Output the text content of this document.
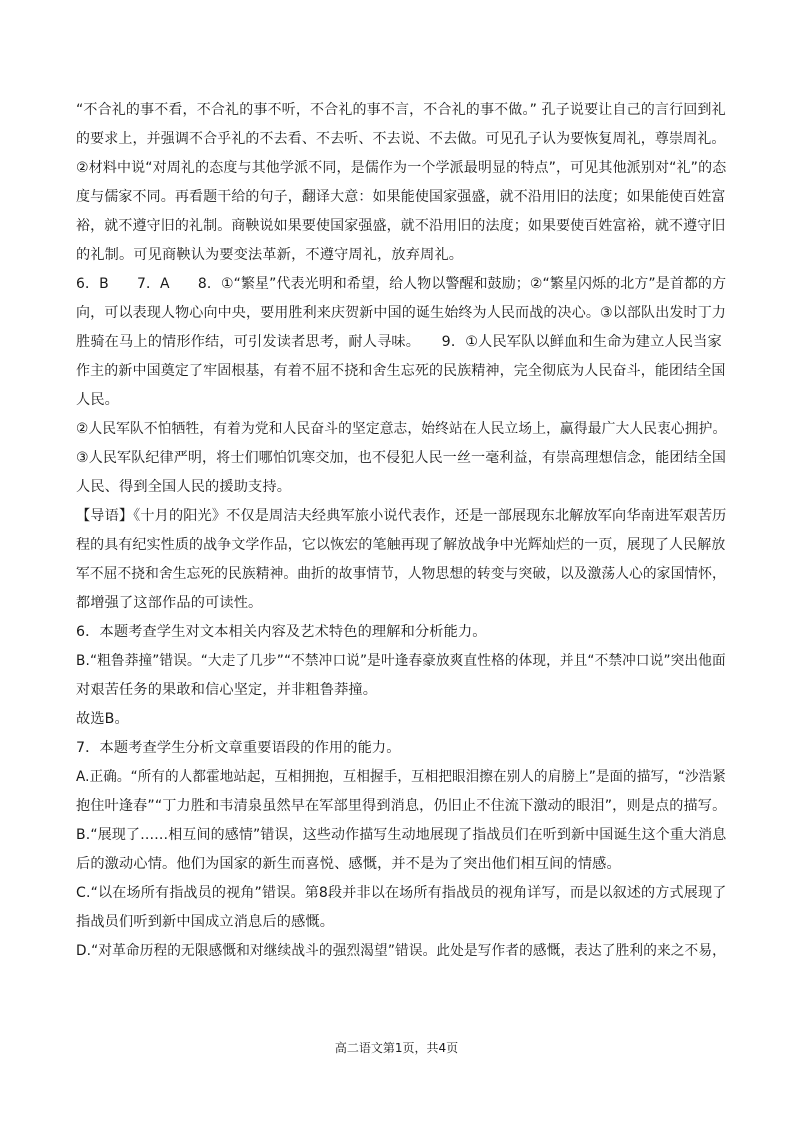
“不合礼的事不看，不合礼的事不听，不合礼的事不言，不合礼的事不做。” 孔子说要让自己的言行回到礼
的要求上，并强调不合乎礼的不去看、不去听、不去说、不去做。可见孔子认为要恢复周礼，尊崇周礼。
②材料中说“对周礼的态度与其他学派不同，是儒作为一个学派最明显的特点”，可见其他派别对“礼”的态
度与儒家不同。再看题干给的句子，翻译大意：如果能使国家强盛，就不沿用旧的法度；如果能使百姓富
裕，就不遵守旧的礼制。商鞅说如果要使国家强盛，就不沿用旧的法度；如果要使百姓富裕，就不遵守旧
的礼制。可见商鞅认为要变法革新，不遵守周礼，放弃周礼。
6．B　　7．A　　8．①“繁星”代表光明和希望，给人物以警醒和鼓励；②“繁星闪烁的北方”是首都的方
向，可以表现人物心向中央，要用胜利来庆贺新中国的诞生始终为人民而战的决心。③以部队出发时丁力
胜骑在马上的情形作结，可引发读者思考，耐人寻味。　　9．①人民军队以鲜血和生命为建立人民当家
作主的新中国奠定了牢固根基，有着不屈不挠和舍生忘死的民族精神，完全彻底为人民奋斗，能团结全国
人民。
②人民军队不怕牺牲，有着为党和人民奋斗的坚定意志，始终站在人民立场上，赢得最广大人民衷心拥护。
③人民军队纪律严明，将士们哪怕饥寒交加，也不侵犯人民一丝一毫利益，有崇高理想信念，能团结全国
人民、得到全国人民的援助支持。
【导语】《十月的阳光》不仅是周洁夫经典军旅小说代表作，还是一部展现东北解放军向华南进军艰苦历
程的具有纪实性质的战争文学作品，它以恢宏的笔触再现了解放战争中光辉灿烂的一页，展现了人民解放
军不屈不挠和舍生忘死的民族精神。曲折的故事情节，人物思想的转变与突破，以及激荡人心的家国情怀，
都增强了这部作品的可读性。
6．本题考查学生对文本相关内容及艺术特色的理解和分析能力。
B.“粗鲁莽撞”错误。“大走了几步”“不禁冲口说”是叶逢春豪放爽直性格的体现，并且“不禁冲口说”突出他面
对艰苦任务的果敢和信心坚定，并非粗鲁莽撞。
故选B。
7．本题考查学生分析文章重要语段的作用的能力。
A.正确。“所有的人都霍地站起，互相拥抱，互相握手，互相把眼泪擦在别人的肩膀上”是面的描写，“沙浩紧
抱住叶逢春”“丁力胜和韦清泉虽然早在军部里得到消息，仍旧止不住流下激动的眼泪”，则是点的描写。
B.“展现了……相互间的感情”错误，这些动作描写生动地展现了指战员们在听到新中国诞生这个重大消息
后的激动心情。他们为国家的新生而喜悦、感慨，并不是为了突出他们相互间的情感。
C.“以在场所有指战员的视角”错误。第8段并非以在场所有指战员的视角详写，而是以叙述的方式展现了
指战员们听到新中国成立消息后的感慨。
D.“对革命历程的无限感慨和对继续战斗的强烈渴望”错误。此处是写作者的感慨，表达了胜利的来之不易，
高二语文第1页，共4页
